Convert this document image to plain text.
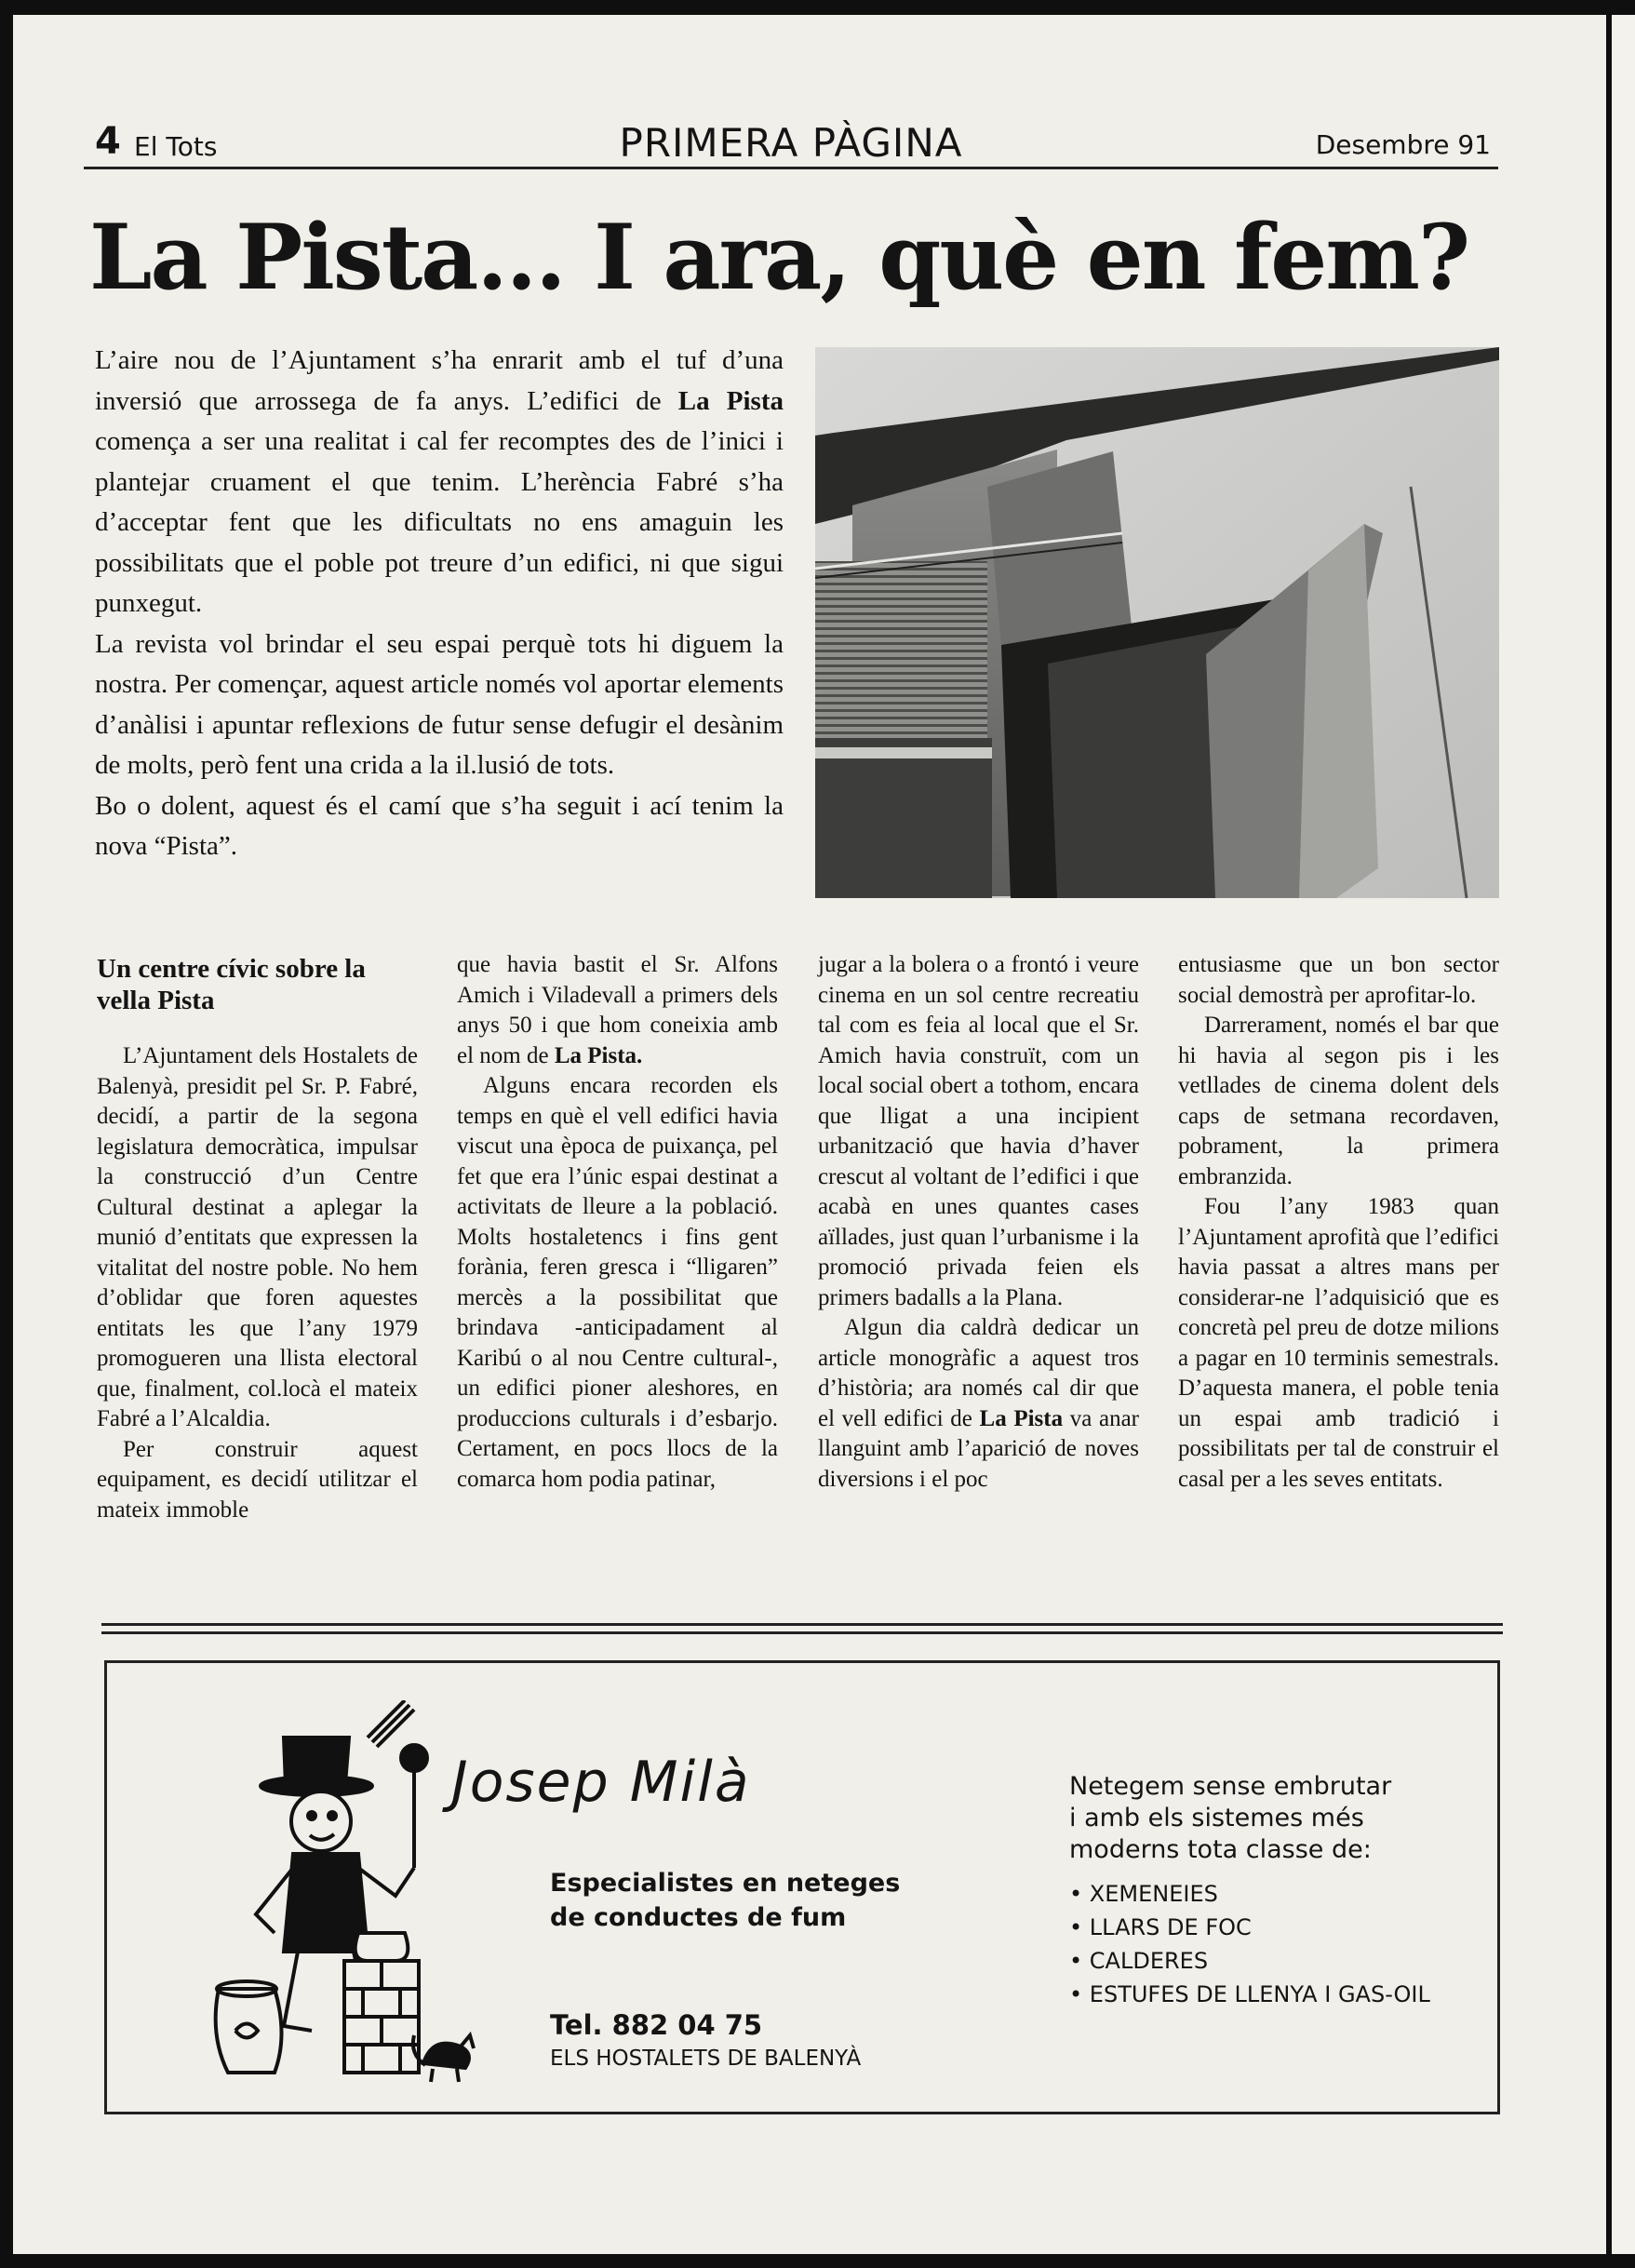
4 El Tots	PRIMERA PÀGINA	Desembre 91
La Pista... I ara, què en fem?

L’aire nou de l’Ajuntament s’ha enrarit amb el tuf d’una inversió que arrossega de fa anys. L’edifici de La Pista comença a ser una realitat i cal fer recomptes des de l’inici i plantejar cruament el que tenim. L’herència Fabré s’ha d’acceptar fent que les dificultats no ens amaguin les possibilitats que el poble pot treure d’un edifici, ni que sigui punxegut.

La revista vol brindar el seu espai perquè tots hi diguem la nostra. Per començar, aquest article només vol aportar elements d’anàlisi i apuntar reflexions de futur sense defugir el desànim de molts, però fent una crida a la il.lusió de tots.

Bo o dolent, aquest és el camí que s’ha seguit i ací tenim la nova “Pista”.

Un centre cívic sobre la vella Pista

L’Ajuntament dels Hostalets de Balenyà, presidit pel Sr. P. Fabré, decidí, a partir de la segona legislatura democràtica, impulsar la construcció d’un Centre Cultural destinat a aplegar la munió d’entitats que expressen la vitalitat del nostre poble. No hem d’oblidar que foren aquestes entitats les que l’any 1979 promogueren una llista electoral que, finalment, col.locà el mateix Fabré a l’Alcaldia.

Per construir aquest equipament, es decidí utilitzar el mateix immoble

que havia bastit el Sr. Alfons Amich i Viladevall a primers dels anys 50 i que hom coneixia amb el nom de La Pista.

Alguns encara recorden els temps en què el vell edifici havia viscut una època de puixança, pel fet que era l’únic espai destinat a activitats de lleure a la població. Molts hostaletencs i fins gent forània, feren gresca i “lligaren” mercès a la possibilitat que brindava -anticipadament al Karibú o al nou Centre cultural-, un edifici pioner aleshores, en produccions culturals i d’esbarjo. Certament, en pocs llocs de la comarca hom podia patinar,

jugar a la bolera o a frontó i veure cinema en un sol centre recreatiu tal com es feia al local que el Sr. Amich havia construït, com un local social obert a tothom, encara que lligat a una incipient urbanització que havia d’haver crescut al voltant de l’edifici i que acabà en unes quantes cases aïllades, just quan l’urbanisme i la promoció privada feien els primers badalls a la Plana.

Algun dia caldrà dedicar un article monogràfic a aquest tros d’història; ara només cal dir que el vell edifici de La Pista va anar llanguint amb l’aparició de noves diversions i el poc

entusiasme que un bon sector social demostrà per aprofitar-lo.

Darrerament, només el bar que hi havia al segon pis i les vetllades de cinema dolent dels caps de setmana recordaven, pobrament, la primera embranzida.

Fou l’any 1983 quan l’Ajuntament aprofità que l’edifici havia passat a altres mans per considerar-ne l’adquisició que es concretà pel preu de dotze milions a pagar en 10 terminis semestrals. D’aquesta manera, el poble tenia un espai amb tradició i possibilitats per tal de construir el casal per a les seves entitats.

Josep Milà
Especialistes en neteges
de conductes de fum
Tel. 882 04 75
ELS HOSTALETS DE BALENYÀ
Netegem sense embrutar
i amb els sistemes més
moderns tota classe de:
• XEMENEIES
• LLARS DE FOC
• CALDERES
• ESTUFES DE LLENYA I GAS-OIL
